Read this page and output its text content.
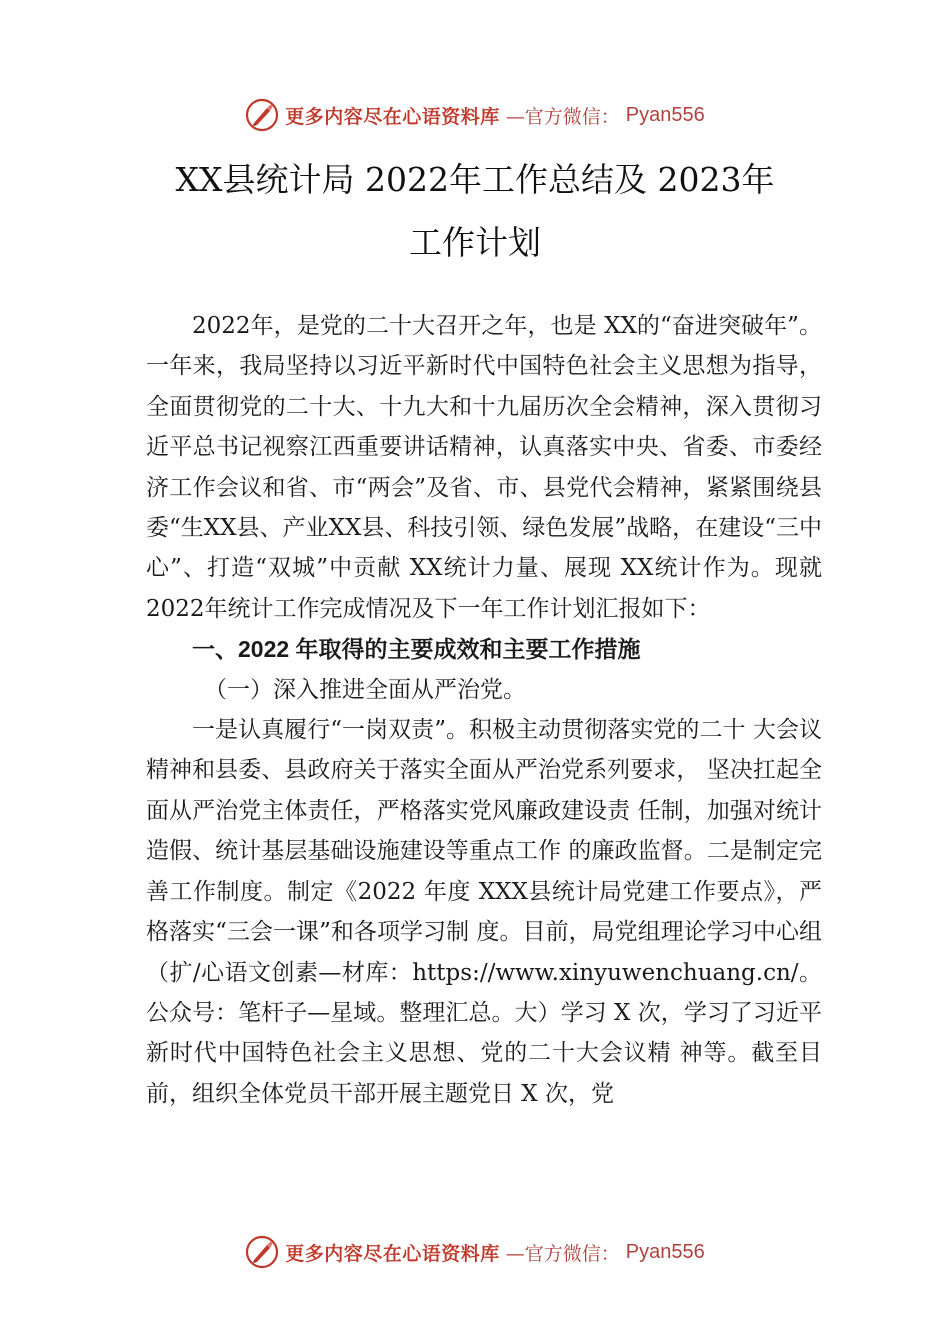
更多内容尽在心语资料库 —官方微信： Pyan556
XX县统计局 2022年工作总结及 2023年
工作计划

2022年，是党的二十大召开之年，也是 XX的“奋进突破年”。一年来，我局坚持以习近平新时代中国特色社会主义思想为指导，全面贯彻党的二十大、十九大和十九届历次全会精神，深入贯彻习近平总书记视察江西重要讲话精神，认真落实中央、省委、市委经济工作会议和省、市“两会”及省、市、县党代会精神，紧紧围绕县委“生XX县、产业XX县、科技引领、绿色发展”战略，在建设“三中心”、打造“双城”中贡献 XX统计力量、展现 XX统计作为。现就 2022年统计工作完成情况及下一年工作计划汇报如下：

一、2022 年取得的主要成效和主要工作措施
（一）深入推进全面从严治党。

一是认真履行“一岗双责”。积极主动贯彻落实党的二十 大会议精神和县委、县政府关于落实全面从严治党系列要求， 坚决扛起全面从严治党主体责任，严格落实党风廉政建设责 任制，加强对统计造假、统计基层基础设施建设等重点工作 的廉政监督。二是制定完善工作制度。制定《2022 年度 XXX县统计局党建工作要点》，严格落实“三会一课”和各项学习制 度。目前，局党组理论学习中心组（扩/心语文创素—材库：https://www.xinyuwenchuang.cn/。公众号：笔杆子—星域。整理汇总。大）学习 X 次，学习了习近平新时代中国特色社会主义思想、党的二十大会议精 神等。截至目前，组织全体党员干部开展主题党日 X 次，党

更多内容尽在心语资料库 —官方微信： Pyan556
